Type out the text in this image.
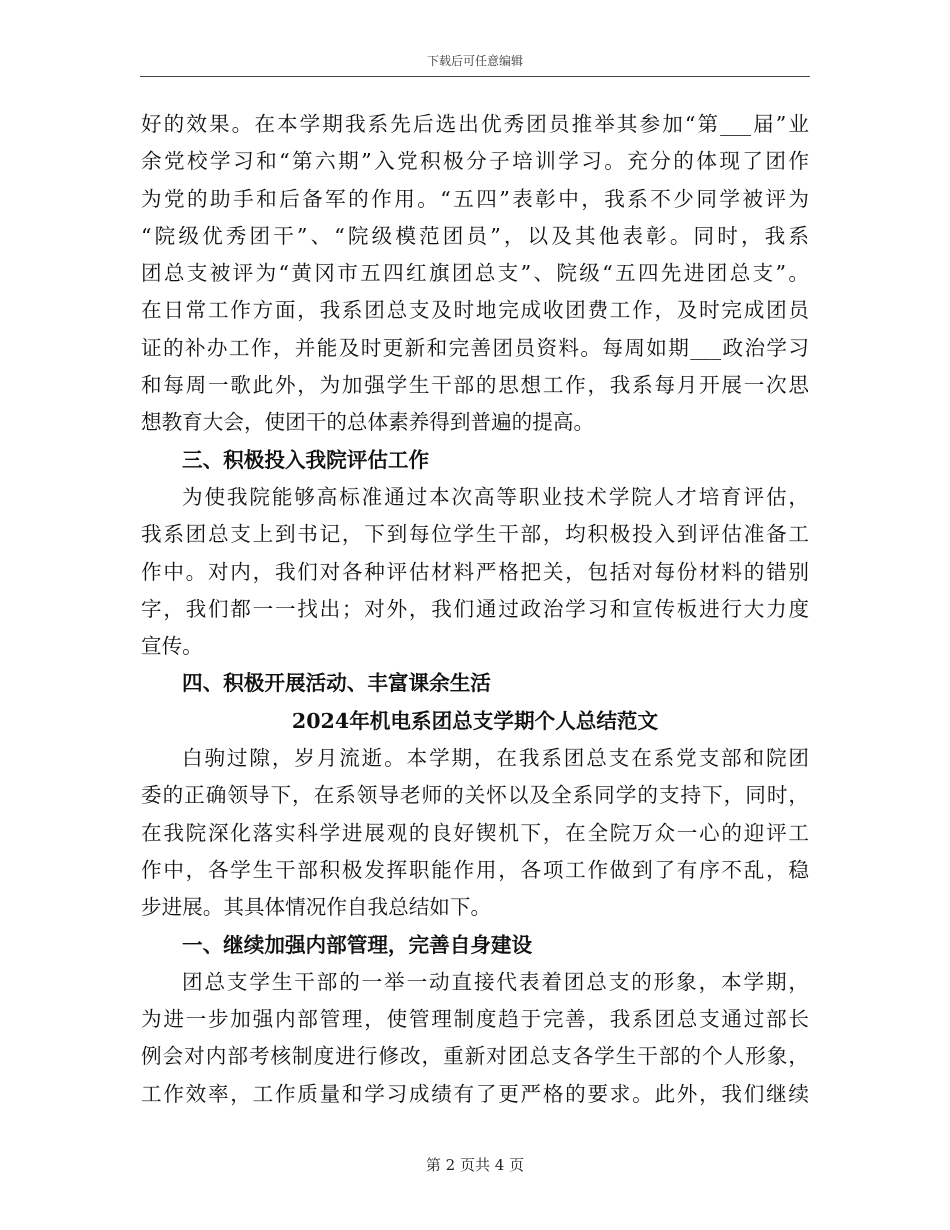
下载后可任意编辑
好的效果。在本学期我系先后选出优秀团员推举其参加“第___届”业
余党校学习和“第六期”入党积极分子培训学习。充分的体现了团作
为党的助手和后备军的作用。“五四”表彰中，我系不少同学被评为
“院级优秀团干”、“院级模范团员”，以及其他表彰。同时，我系
团总支被评为“黄冈市五四红旗团总支”、院级“五四先进团总支”。
在日常工作方面，我系团总支及时地完成收团费工作，及时完成团员
证的补办工作，并能及时更新和完善团员资料。每周如期___政治学习
和每周一歌此外，为加强学生干部的思想工作，我系每月开展一次思
想教育大会，使团干的总体素养得到普遍的提高。
三、积极投入我院评估工作
为使我院能够高标准通过本次高等职业技术学院人才培育评估，
我系团总支上到书记，下到每位学生干部，均积极投入到评估准备工
作中。对内，我们对各种评估材料严格把关，包括对每份材料的错别
字，我们都一一找出；对外，我们通过政治学习和宣传板进行大力度
宣传。
四、积极开展活动、丰富课余生活
2024年机电系团总支学期个人总结范文
白驹过隙，岁月流逝。本学期，在我系团总支在系党支部和院团
委的正确领导下，在系领导老师的关怀以及全系同学的支持下，同时，
在我院深化落实科学进展观的良好锲机下，在全院万众一心的迎评工
作中，各学生干部积极发挥职能作用，各项工作做到了有序不乱，稳
步进展。其具体情况作自我总结如下。
一、继续加强内部管理，完善自身建设
团总支学生干部的一举一动直接代表着团总支的形象，本学期，
为进一步加强内部管理，使管理制度趋于完善，我系团总支通过部长
例会对内部考核制度进行修改，重新对团总支各学生干部的个人形象，
工作效率，工作质量和学习成绩有了更严格的要求。此外，我们继续
第 2 页共 4 页
